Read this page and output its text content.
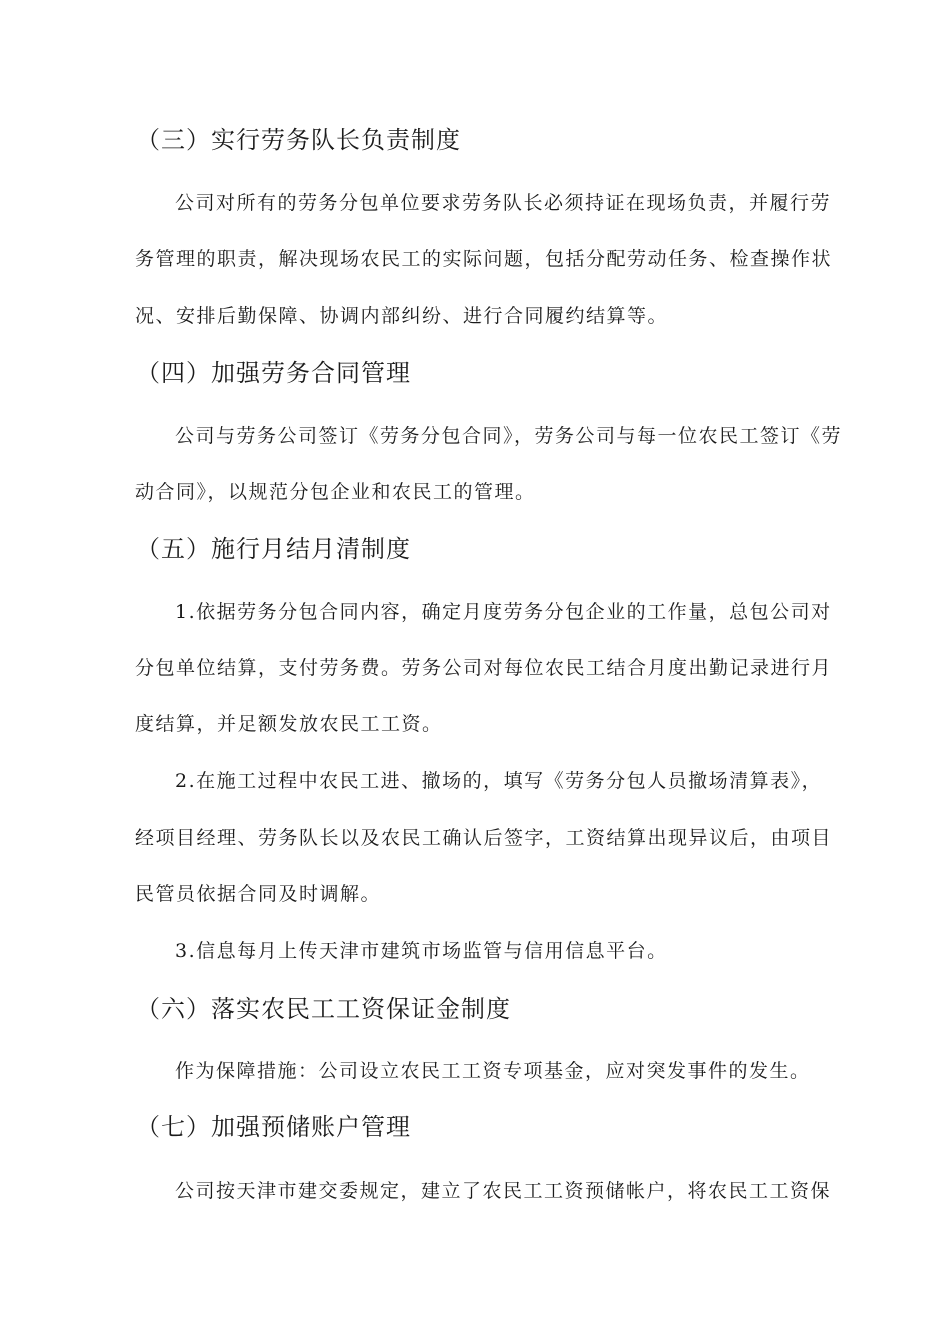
（三）实行劳务队长负责制度
公司对所有的劳务分包单位要求劳务队长必须持证在现场负责，并履行劳
务管理的职责，解决现场农民工的实际问题，包括分配劳动任务、检查操作状
况、安排后勤保障、协调内部纠纷、进行合同履约结算等。
（四）加强劳务合同管理
公司与劳务公司签订《劳务分包合同》，劳务公司与每一位农民工签订《劳
动合同》，以规范分包企业和农民工的管理。
（五）施行月结月清制度
1.依据劳务分包合同内容，确定月度劳务分包企业的工作量，总包公司对
分包单位结算，支付劳务费。劳务公司对每位农民工结合月度出勤记录进行月
度结算，并足额发放农民工工资。
2.在施工过程中农民工进、撤场的，填写《劳务分包人员撤场清算表》，
经项目经理、劳务队长以及农民工确认后签字，工资结算出现异议后，由项目
民管员依据合同及时调解。
3.信息每月上传天津市建筑市场监管与信用信息平台。
（六）落实农民工工资保证金制度
作为保障措施：公司设立农民工工资专项基金，应对突发事件的发生。
（七）加强预储账户管理
公司按天津市建交委规定，建立了农民工工资预储帐户，将农民工工资保
